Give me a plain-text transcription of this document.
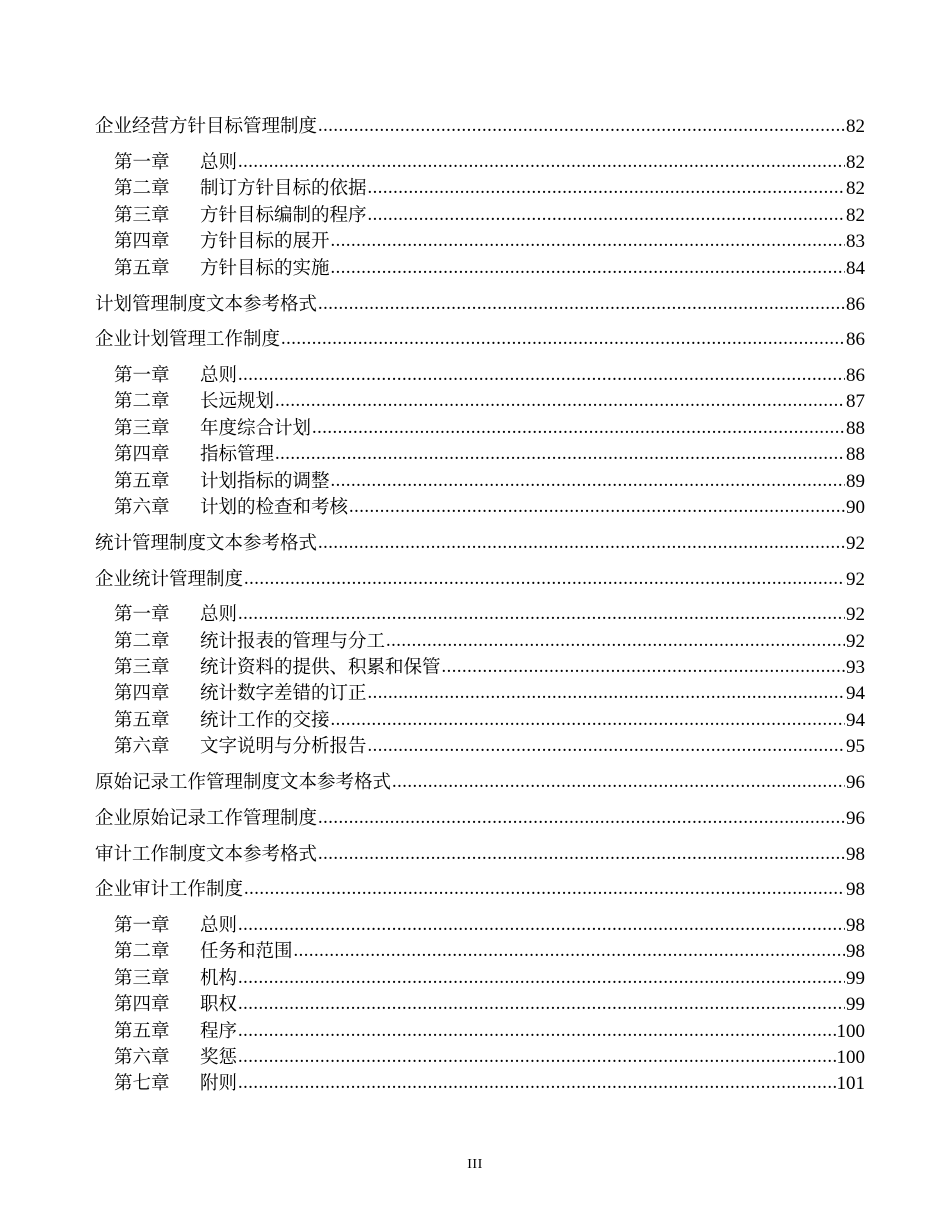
企业经营方针目标管理制度 .....	82
第一章	总则 .....	82
第二章	制订方针目标的依据 .....	82
第三章	方针目标编制的程序 .....	82
第四章	方针目标的展开 .....	83
第五章	方针目标的实施 .....	84
计划管理制度文本参考格式 .....	86
企业计划管理工作制度 .....	86
第一章	总则 .....	86
第二章	长远规划 .....	87
第三章	年度综合计划 .....	88
第四章	指标管理 .....	88
第五章	计划指标的调整 .....	89
第六章	计划的检查和考核 .....	90
统计管理制度文本参考格式 .....	92
企业统计管理制度 .....	92
第一章	总则 .....	92
第二章	统计报表的管理与分工 .....	92
第三章	统计资料的提供、积累和保管 .....	93
第四章	统计数字差错的订正 .....	94
第五章	统计工作的交接 .....	94
第六章	文字说明与分析报告 .....	95
原始记录工作管理制度文本参考格式 .....	96
企业原始记录工作管理制度 .....	96
审计工作制度文本参考格式 .....	98
企业审计工作制度 .....	98
第一章	总则 .....	98
第二章	任务和范围 .....	98
第三章	机构 .....	99
第四章	职权 .....	99
第五章	程序 .....	100
第六章	奖惩 .....	100
第七章	附则 .....	101
III
